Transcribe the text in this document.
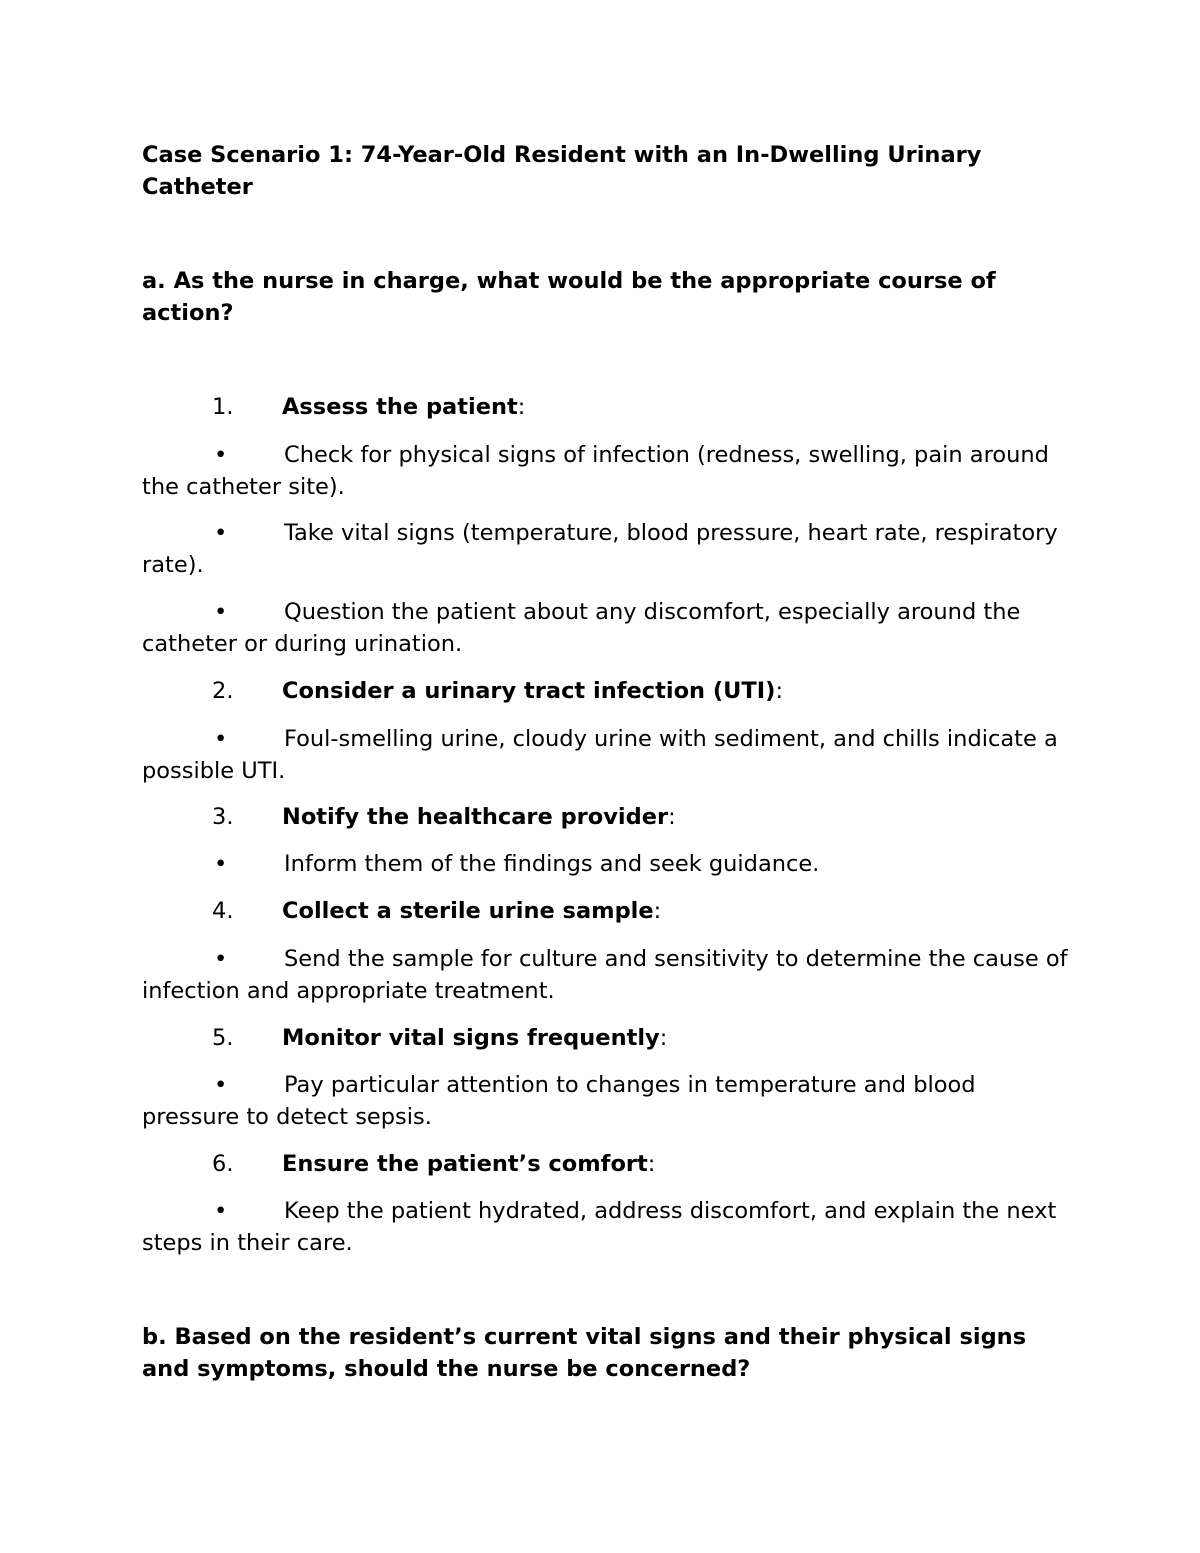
Case Scenario 1: 74-Year-Old Resident with an In-Dwelling Urinary Catheter

a. As the nurse in charge, what would be the appropriate course of action?

1. Assess the patient:

•	Check for physical signs of infection (redness, swelling, pain around the catheter site).

•	Take vital signs (temperature, blood pressure, heart rate, respiratory rate).

•	Question the patient about any discomfort, especially around the catheter or during urination.

2. Consider a urinary tract infection (UTI):

•	Foul-smelling urine, cloudy urine with sediment, and chills indicate a possible UTI.

3. Notify the healthcare provider:

•	Inform them of the findings and seek guidance.

4. Collect a sterile urine sample:

•	Send the sample for culture and sensitivity to determine the cause of infection and appropriate treatment.

5. Monitor vital signs frequently:

•	Pay particular attention to changes in temperature and blood pressure to detect sepsis.

6. Ensure the patient’s comfort:

•	Keep the patient hydrated, address discomfort, and explain the next steps in their care.

b. Based on the resident’s current vital signs and their physical signs and symptoms, should the nurse be concerned?
